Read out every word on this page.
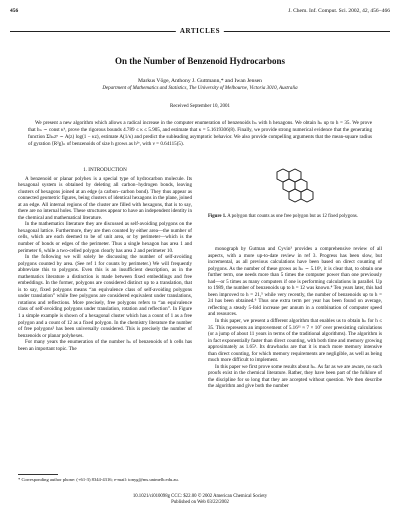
456	J. Chem. Inf. Comput. Sci. 2002, 42, 456−466
ARTICLES
On the Number of Benzenoid Hydrocarbons
Markus Vöge, Anthony J. Guttmann,* and Iwan Jensen
Department of Mathematics and Statistics, The University of Melbourne, Victoria 3010, Australia
Received September 10, 2001

We present a new algorithm which allows a radical increase in the computer enumeration of benzenoids hₙ with h hexagons. We obtain hₙ up to h = 35. We prove that hₙ ∼ const κʰ, prove the rigorous bounds 4.789 ≤ κ ≤ 5.905, and estimate that κ = 5.1619306(8). Finally, we provide strong numerical evidence that the generating function Σhₙzⁿ ∼ A(z) log(1 − κz), estimate A(1/κ) and predict the subleading asymptotic behavior. We also provide compelling arguments that the mean-square radius of gyration ⟨R²g⟩ₙ of benzenoids of size h grows as h²ᵛ, with ν = 0.64115(5).

1. INTRODUCTION

A benzenoid or planar polyhex is a special type of hydrocarbon molecule. Its hexagonal system is obtained by deleting all carbon−hydrogen bonds, leaving clusters of hexagons joined at an edge (a carbon−carbon bond). They thus appear as connected geometric figures, being clusters of identical hexagons in the plane, joined at an edge. All internal regions of the cluster are filled with hexagons, that is to say, there are no internal holes. These structures appear to have an independent identity in the chemical and mathematical literature.

In the mathematics literature they are discussed as self-avoiding polygons on the hexagonal lattice. Furthermore, they are then counted by either area—the number of cells, which are each deemed to be of unit area, or by perimeter—which is the number of bonds or edges of the perimeter. Thus a single hexagon has area 1 and perimeter 6, while a two-celled polygon clearly has area 2 and perimeter 10.

In the following we will solely be discussing the number of self-avoiding polygons counted by area. (See ref 1 for counts by perimeter.) We will frequently abbreviate this to polygons. Even this is an insufficient description, as in the mathematics literature a distinction is made between fixed embeddings and free embeddings. In the former, polygons are considered distinct up to a translation, that is to say, fixed polygons means “an equivalence class of self-avoiding polygons under translation” while free polygons are considered equivalent under translations, rotations and reflections. More precisely, free polygons refers to “an equivalence class of self-avoiding polygons under translation, rotation and reflection”. In Figure 1 a simple example is shown of a hexagonal cluster which has a count of 1 as a free polygon and a count of 12 as a fixed polygon. In the chemistry literature the number of free polygons² has been universally considered. This is precisely the number of benzenoids or planar polyhexes.

For many years the enumeration of the number hₙ of benzenoids of h cells has been an important topic. The

Figure 1. A polygon that counts as one free polygon but as 12 fixed polygons.

monograph by Gutman and Cyvin³ provides a comprehensive review of all aspects, with a more up-to-date review in ref 3. Progress has been slow, but incremental, as all previous calculations have been based on direct counting of polygons. As the number of these grows as hₙ ∼ 5.16ʰ, it is clear that, to obtain one further term, one needs more than 5 times the computer power than one previously had—or 5 times as many computers if one is performing calculations in parallel. Up to 1989, the number of benzenoids up to h = 12 was known.⁴ Ten years later, this had been improved to h = 21,⁵ while very recently, the number of benzenoids up to h = 24 has been obtained.⁶ Thus one extra term per year has been found on average, reflecting a steady 5-fold increase per annum in a combination of computer speed and resources.

In this paper, we present a different algorithm that enables us to obtain hₙ for h ≤ 35. This represents an improvement of 5.16¹¹ ≈ 7 × 10⁷ over preexisting calculations (or a jump of about 11 years in terms of the traditional algorithms). The algorithm is in fact exponentially faster than direct counting, with both time and memory growing approximately as 1.65ʰ. Its drawbacks are that it is much more memory intensive than direct counting, for which memory requirements are negligible, as well as being much more difficult to implement.

In this paper we first prove some results about hₙ. As far as we are aware, no such proofs exist in the chemical literature. Rather, they have been part of the folklore of the discipline for so long that they are accepted without question. We then describe the algorithm and give both the number

* Corresponding author phone: (+61-3) 8344-4316; e-mail: tonyg@ms.unimelb.edu.au.
10.1021/ci010098g CCC: $22.00 © 2002 American Chemical Society
Published on Web 03/22/2002
